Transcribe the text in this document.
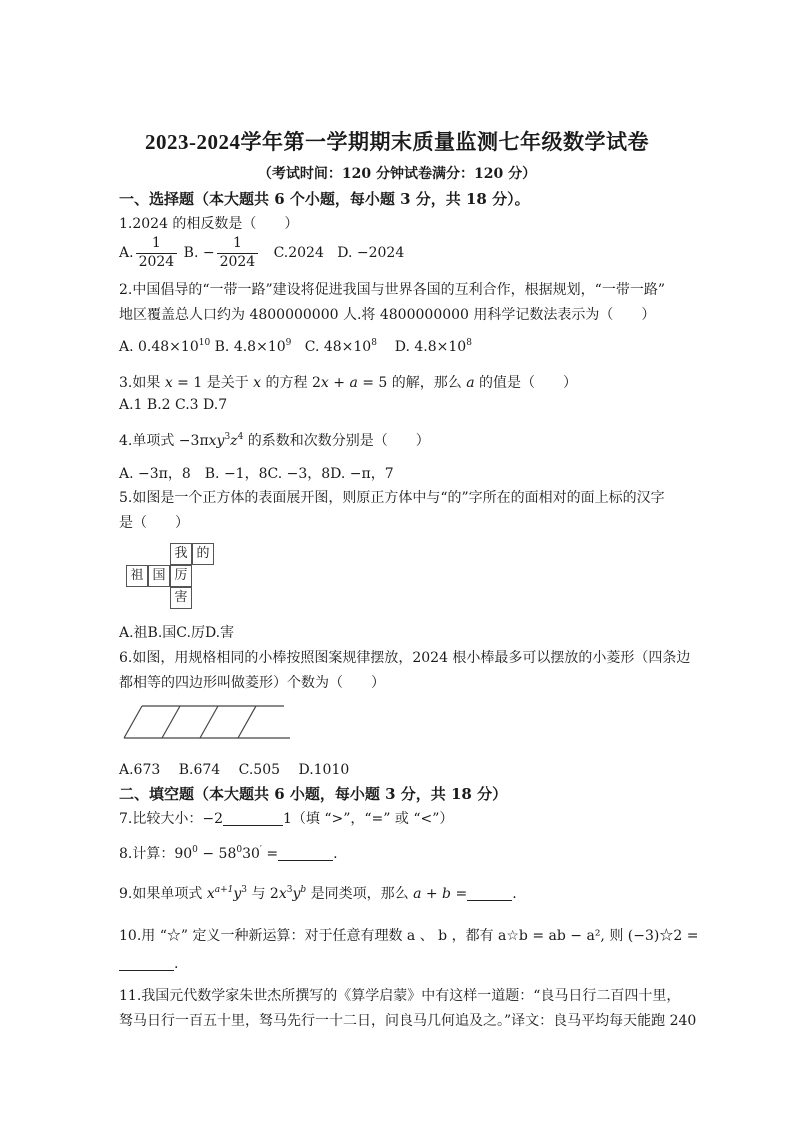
2023-2024学年第一学期期末质量监测七年级数学试卷
（考试时间：120 分钟试卷满分：120 分）
一、选择题（本大题共 6 个小题，每小题 3 分，共 18 分）。
1.2024 的相反数是（　　）
A. $\frac{1}{2024} B$. − $\frac{1}{2024} C.2024$ D. −2024
2.中国倡导的“一带一路”建设将促进我国与世界各国的互利合作，根据规划，“一带一路”
地区覆盖总人口约为 4800000000 人.将 4800000000 用科学记数法表示为（　　）
A. $0.48\times 10^{10}$ B. $4.8\times 10^9$ C. $48\times 10^8$ D. $4.8\times 10^8$
3.如果 x = 1 是关于 x 的方程 2x + a = 5 的解，那么 a 的值是（　　）
A.1 B.2 C.3 D.7
4.单项式 $-3\pi xy^3z^4$ 的系数和次数分别是（　　）
A. −3π，8　B. −1，8C. −3，8D. −π，7
5.如图是一个正方体的表面展开图，则原正方体中与“的”字所在的面相对的面上标的汉字
是（　　）
我 的
祖 国 厉
害
A.祖B.国C.厉D.害
6.如图，用规格相同的小棒按照图案规律摆放，2024 根小棒最多可以摆放的小菱形（四条边
都相等的四边形叫做菱形）个数为（　　）
A.673　 B.674　 C.505　 D.1010
二、填空题（本大题共 6 小题，每小题 3 分，共 18 分）
7.比较大小：−2	1（填 “>”，“=” 或 “<”）
8.计算：$90^0 - 58^030'$ =	.
9.如果单项式 $x^{a+1}y^3$ 与 $2x^3y^b$ 是同类项，那么 a + b =	.
10.用 “☆” 定义一种新运算：对于任意有理数 a 、 b ，都有 a☆b = ab − a², 则 (−3)☆2 =
.
11.我国元代数学家朱世杰所撰写的《算学启蒙》中有这样一道题：“良马日行二百四十里，
驽马日行一百五十里，驽马先行一十二日，问良马几何追及之。”译文：良马平均每天能跑 240
